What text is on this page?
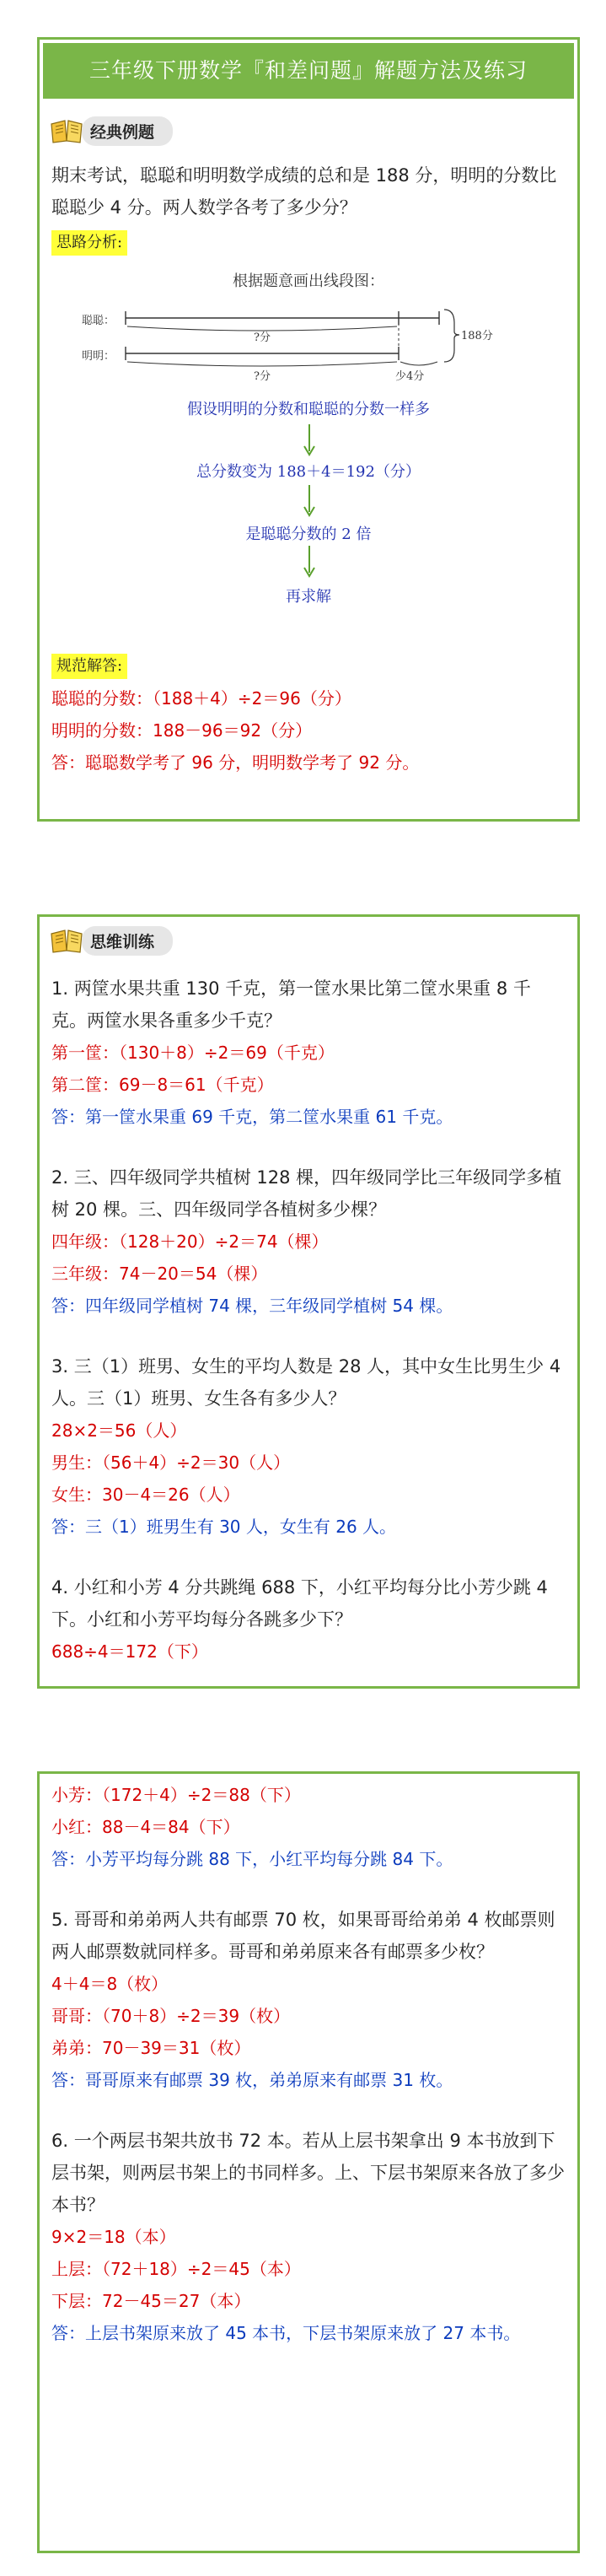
三年级下册数学『和差问题』解题方法及练习
经典例题
期末考试，聪聪和明明数学成绩的总和是 188 分，明明的分数比聪聪少 4 分。两人数学各考了多少分？
思路分析:
根据题意画出线段图：
聪聪：
明明：
?分
?分
188分
少4分
假设明明的分数和聪聪的分数一样多
总分数变为 188＋4＝192（分）
是聪聪分数的 2 倍
再求解
规范解答:
聪聪的分数：（188＋4）÷2＝96（分）
明明的分数：188－96＝92（分）
答：聪聪数学考了 96 分，明明数学考了 92 分。
思维训练
1. 两筐水果共重 130 千克，第一筐水果比第二筐水果重 8 千克。两筐水果各重多少千克？
第一筐：（130＋8）÷2＝69（千克）
第二筐：69－8＝61（千克）
答：第一筐水果重 69 千克，第二筐水果重 61 千克。
2. 三、四年级同学共植树 128 棵，四年级同学比三年级同学多植树 20 棵。三、四年级同学各植树多少棵？
四年级：（128＋20）÷2＝74（棵）
三年级：74－20＝54（棵）
答：四年级同学植树 74 棵，三年级同学植树 54 棵。
3. 三（1）班男、女生的平均人数是 28 人，其中女生比男生少 4 人。三（1）班男、女生各有多少人？
28×2＝56（人）
男生：（56＋4）÷2＝30（人）
女生：30－4＝26（人）
答：三（1）班男生有 30 人，女生有 26 人。
4. 小红和小芳 4 分共跳绳 688 下，小红平均每分比小芳少跳 4 下。小红和小芳平均每分各跳多少下？
688÷4＝172（下）
小芳：（172＋4）÷2＝88（下）
小红：88－4＝84（下）
答：小芳平均每分跳 88 下，小红平均每分跳 84 下。
5. 哥哥和弟弟两人共有邮票 70 枚，如果哥哥给弟弟 4 枚邮票则两人邮票数就同样多。哥哥和弟弟原来各有邮票多少枚？
4＋4＝8（枚）
哥哥：（70＋8）÷2＝39（枚）
弟弟：70－39＝31（枚）
答：哥哥原来有邮票 39 枚，弟弟原来有邮票 31 枚。
6. 一个两层书架共放书 72 本。若从上层书架拿出 9 本书放到下层书架，则两层书架上的书同样多。上、下层书架原来各放了多少本书？
9×2＝18（本）
上层：（72＋18）÷2＝45（本）
下层：72－45＝27（本）
答：上层书架原来放了 45 本书，下层书架原来放了 27 本书。
